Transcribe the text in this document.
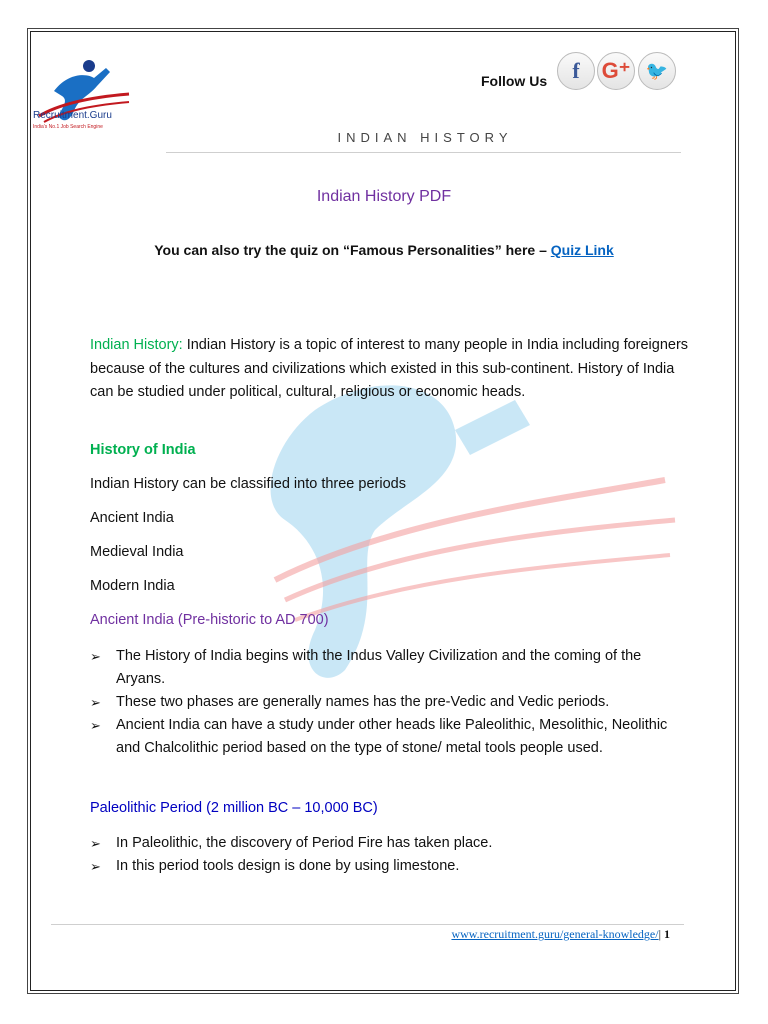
Recruitment.Guru
India's No.1 Job Search Engine
Follow Us	f G⁺ 🐦
INDIAN HISTORY
Indian History PDF
You can also try the quiz on “Famous Personalities” here – Quiz Link
Indian History: Indian History is a topic of interest to many people in India including foreigners because of the cultures and civilizations which existed in this sub-continent. History of India can be studied under political, cultural, religious or economic heads.
History of India
Indian History can be classified into three periods
Ancient India
Medieval India
Modern India
Ancient India (Pre-historic to AD 700)
➢ The History of India begins with the Indus Valley Civilization and the coming of the Aryans.
➢ These two phases are generally names has the pre-Vedic and Vedic periods.
➢ Ancient India can have a study under other heads like Paleolithic, Mesolithic, Neolithic and Chalcolithic period based on the type of stone/ metal tools people used.
Paleolithic Period (2 million BC – 10,000 BC)
➢ In Paleolithic, the discovery of Period Fire has taken place.
➢ In this period tools design is done by using limestone.
www.recruitment.guru/general-knowledge/| 1
